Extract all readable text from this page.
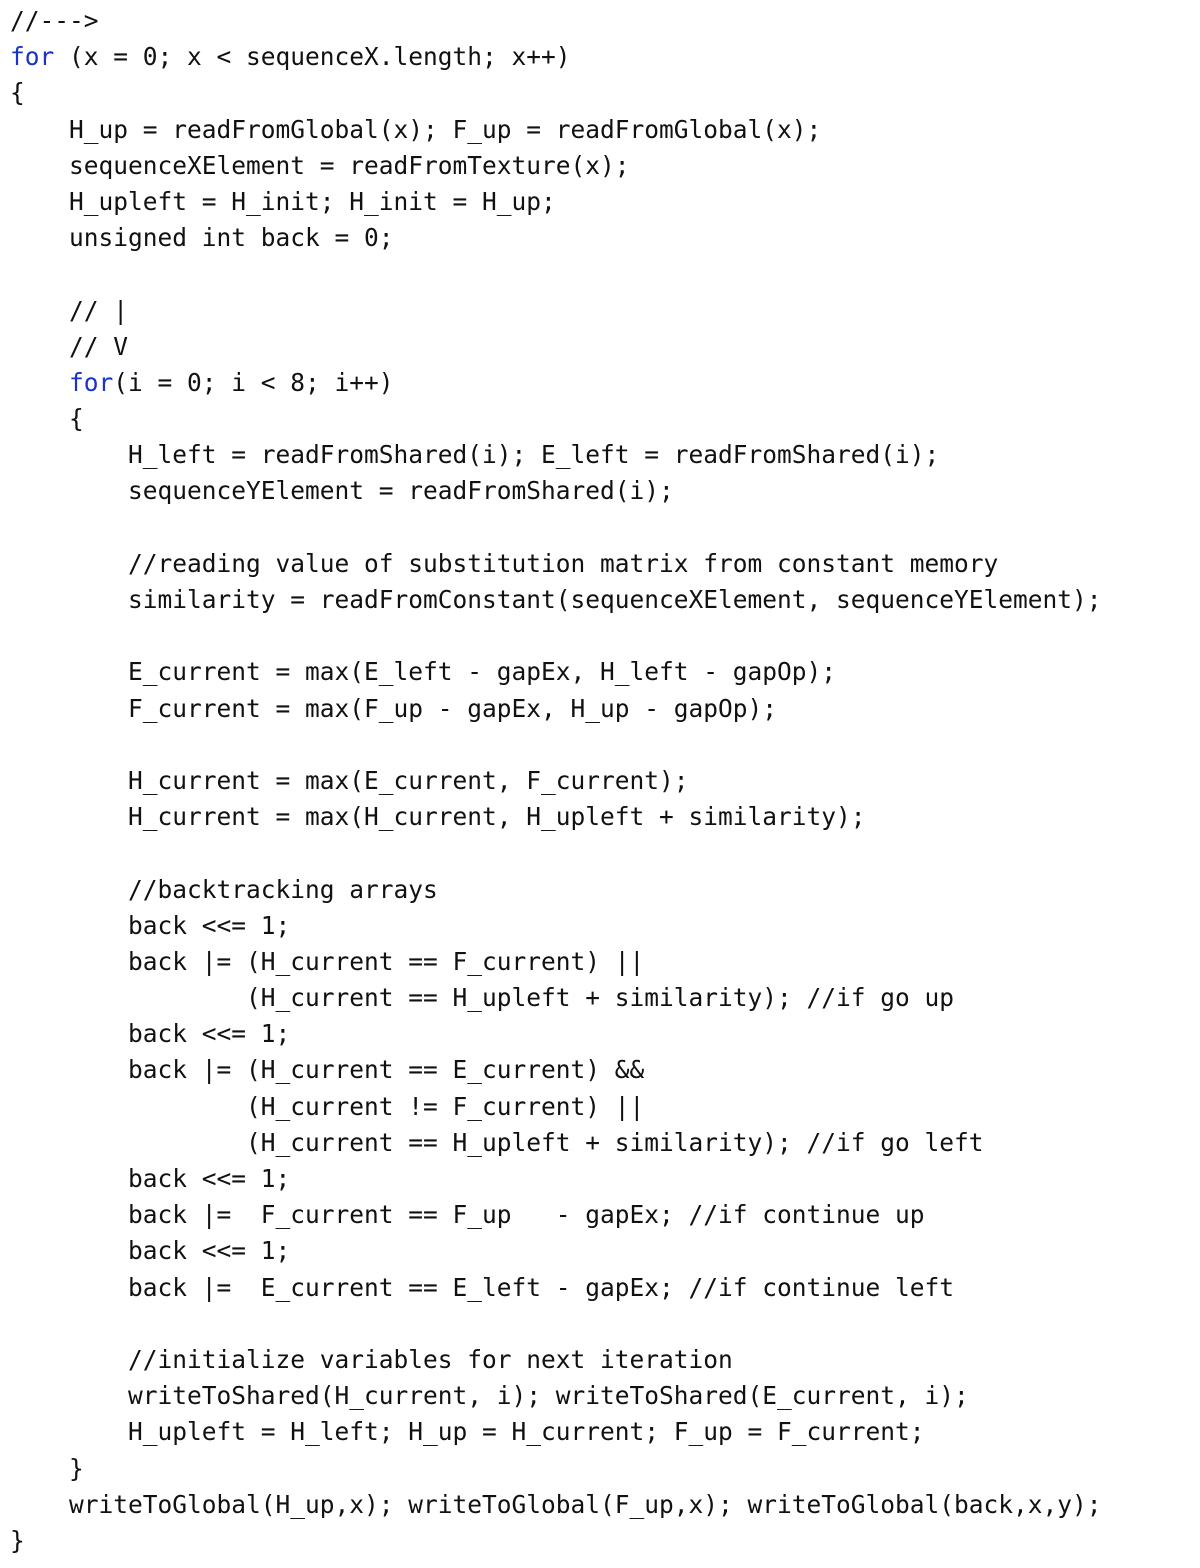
//--->
for (x = 0; x < sequenceX.length; x++)
{
H_up = readFromGlobal(x); F_up = readFromGlobal(x);
sequenceXElement = readFromTexture(x);
H_upleft = H_init; H_init = H_up;
unsigned int back = 0;
// |
// V
for(i = 0; i < 8; i++)
{
H_left = readFromShared(i); E_left = readFromShared(i);
sequenceYElement = readFromShared(i);
//reading value of substitution matrix from constant memory
similarity = readFromConstant(sequenceXElement, sequenceYElement);
E_current = max(E_left - gapEx, H_left - gapOp);
F_current = max(F_up - gapEx, H_up - gapOp);
H_current = max(E_current, F_current);
H_current = max(H_current, H_upleft + similarity);
//backtracking arrays
back <<= 1;
back |= (H_current == F_current) ||
(H_current == H_upleft + similarity); //if go up
back <<= 1;
back |= (H_current == E_current) &&
(H_current != F_current) ||
(H_current == H_upleft + similarity); //if go left
back <<= 1;
back |=  F_current == F_up   - gapEx; //if continue up
back <<= 1;
back |=  E_current == E_left - gapEx; //if continue left
//initialize variables for next iteration
writeToShared(H_current, i); writeToShared(E_current, i);
H_upleft = H_left; H_up = H_current; F_up = F_current;
}
writeToGlobal(H_up,x); writeToGlobal(F_up,x); writeToGlobal(back,x,y);
}
